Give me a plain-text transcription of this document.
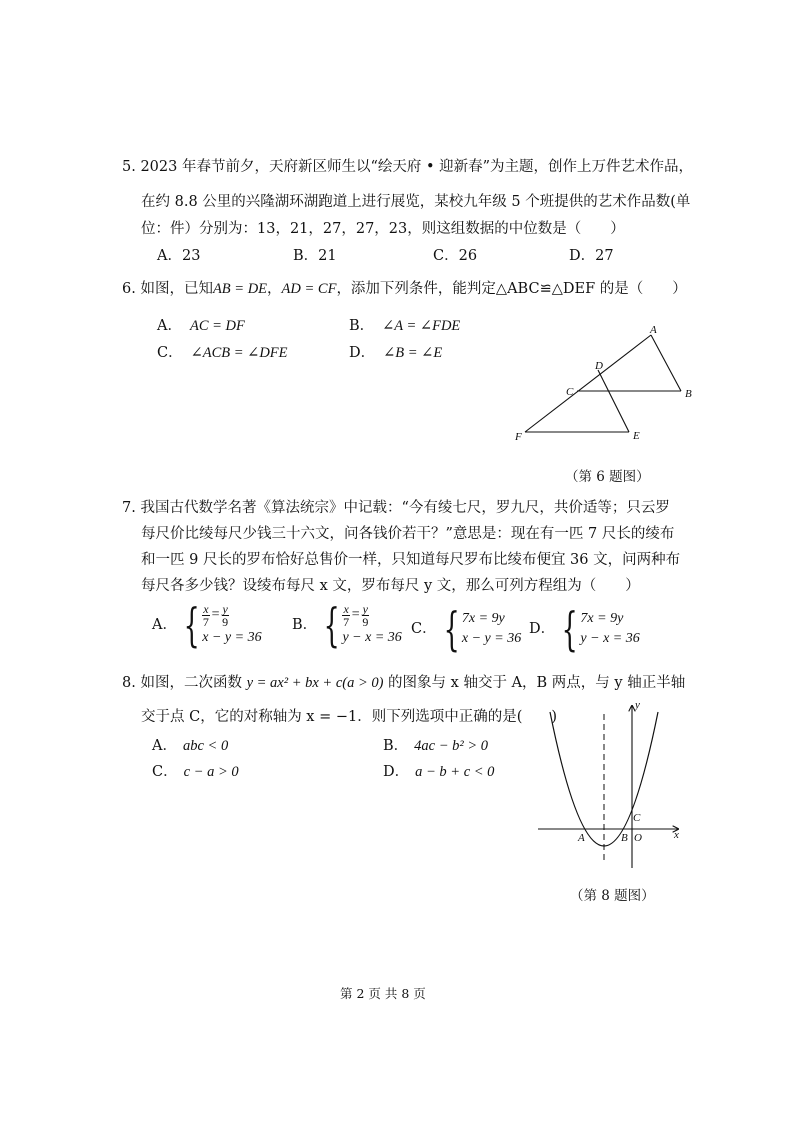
5. 2023 年春节前夕，天府新区师生以“绘天府 • 迎新春”为主题，创作上万件艺术作品，
在约 8.8 公里的兴隆湖环湖跑道上进行展览，某校九年级 5 个班提供的艺术作品数(单
位：件）分别为：13，21，27，27，23，则这组数据的中位数是（　　）
A．23	B．21	C．26	D．27
6. 如图，已知AB = DE，AD = CF，添加下列条件，能判定△ABC≌△DEF 的是（　　）
A． AC = DF	B． ∠A = ∠FDE
C． ∠ACB = ∠DFE	D． ∠B = ∠E
A
B
C
D
E
F
（第 6 题图）
7. 我国古代数学名著《算法统宗》中记载：“今有绫七尺，罗九尺，共价适等；只云罗
每尺价比绫每尺少钱三十六文，问各钱价若干？”意思是：现在有一匹 7 尺长的绫布
和一匹 9 尺长的罗布恰好总售价一样，只知道每尺罗布比绫布便宜 36 文，问两种布
每尺各多少钱？设绫布每尺 x 文，罗布每尺 y 文，那么可列方程组为（　　）
A． { $\frac{x}{7} = \frac{y}{9}$
x − y = 36
B． { $\frac{x}{7} = \frac{y}{9}$
y − x = 36 C． { 7x = 9y
x − y = 36
D． { 7x = 9y
y − x = 36
8. 如图，二次函数 y = ax² + bx + c(a > 0) 的图象与 x 轴交于 A，B 两点，与 y 轴正半轴
交于点 C，它的对称轴为 x = −1．则下列选项中正确的是(　　)
A． abc < 0	B． 4ac − b² > 0
C． c − a > 0	D． a − b + c < 0
y
x
A	B O
C
（第 8 题图）
第 2 页 共 8 页
